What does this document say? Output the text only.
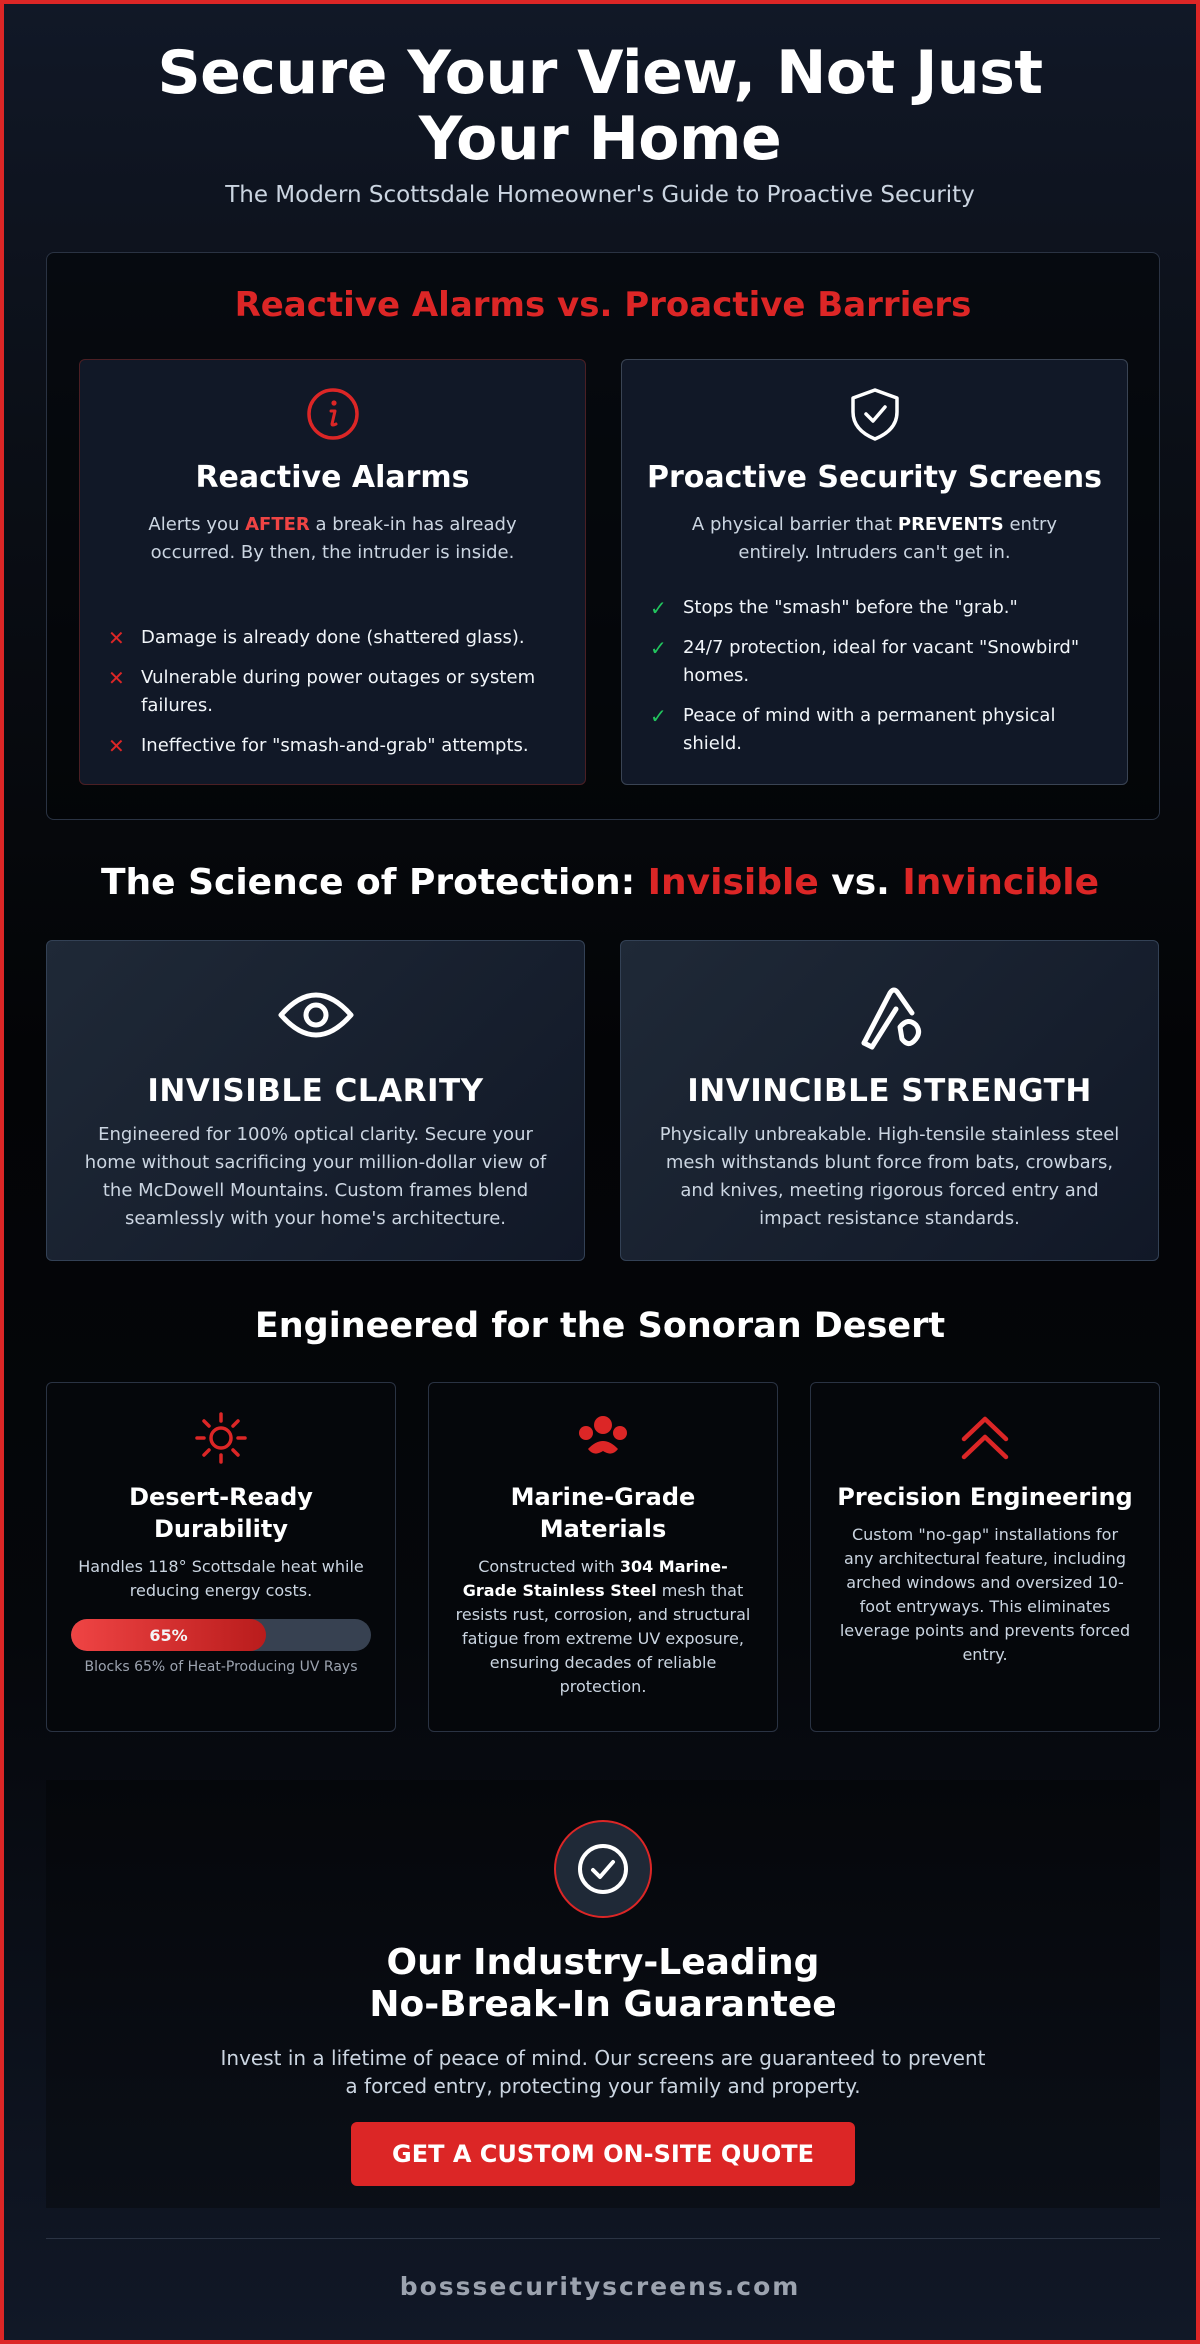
Secure Your View, Not Just Your Home
The Modern Scottsdale Homeowner's Guide to Proactive Security
Reactive Alarms vs. Proactive Barriers
Reactive Alarms

Alerts you AFTER a break-in has already occurred. By then, the intruder is inside.

✕ Damage is already done (shattered glass).
✕ Vulnerable during power outages or system failures.
✕ Ineffective for "smash-and-grab" attempts.
Proactive Security Screens

A physical barrier that PREVENTS entry entirely. Intruders can't get in.

✓ Stops the "smash" before the "grab."
✓ 24/7 protection, ideal for vacant "Snowbird" homes.
✓ Peace of mind with a permanent physical shield.
The Science of Protection: Invisible vs. Invincible
INVISIBLE CLARITY

Engineered for 100% optical clarity. Secure your home without sacrificing your million-dollar view of the McDowell Mountains. Custom frames blend seamlessly with your home's architecture.

INVINCIBLE STRENGTH

Physically unbreakable. High-tensile stainless steel mesh withstands blunt force from bats, crowbars, and knives, meeting rigorous forced entry and impact resistance standards.

Engineered for the Sonoran Desert
Desert-Ready Durability

Handles 118° Scottsdale heat while reducing energy costs.

65%
Blocks 65% of Heat-Producing UV Rays
Marine-Grade Materials

Constructed with 304 Marine-Grade Stainless Steel mesh that resists rust, corrosion, and structural fatigue from extreme UV exposure, ensuring decades of reliable protection.

Precision Engineering

Custom "no-gap" installations for any architectural feature, including arched windows and oversized 10-foot entryways. This eliminates leverage points and prevents forced entry.

Our Industry-Leading
No-Break-In Guarantee

Invest in a lifetime of peace of mind. Our screens are guaranteed to prevent a forced entry, protecting your family and property.

GET A CUSTOM ON-SITE QUOTE
bosssecurityscreens.com
